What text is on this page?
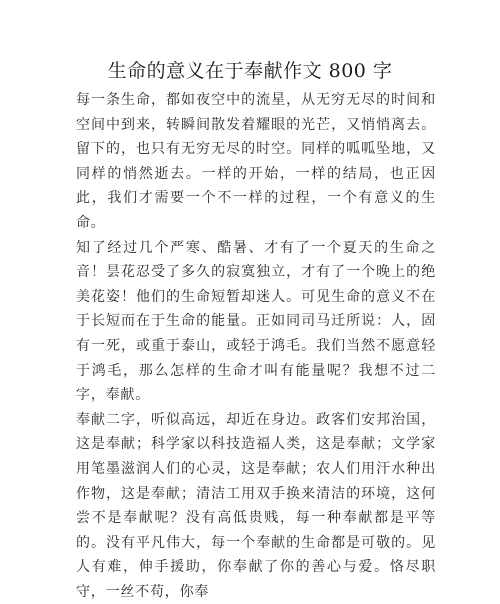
生命的意义在于奉献作文 800 字

每一条生命，都如夜空中的流星，从无穷无尽的时间和空间中到来，转瞬间散发着耀眼的光芒，又悄悄离去。留下的，也只有无穷无尽的时空。同样的呱呱坠地，又同样的悄然逝去。一样的开始，一样的结局，也正因此，我们才需要一个不一样的过程，一个有意义的生命。

知了经过几个严寒、酷暑、才有了一个夏天的生命之音！昙花忍受了多久的寂寞独立，才有了一个晚上的绝美花姿！他们的生命短暂却迷人。可见生命的意义不在于长短而在于生命的能量。正如同司马迁所说：人，固有一死，或重于泰山，或轻于鸿毛。我们当然不愿意轻于鸿毛，那么怎样的生命才叫有能量呢？我想不过二字，奉献。

奉献二字，听似高远，却近在身边。政客们安邦治国，这是奉献；科学家以科技造福人类，这是奉献；文学家用笔墨滋润人们的心灵，这是奉献；农人们用汗水种出作物，这是奉献；清洁工用双手换来清洁的环境，这何尝不是奉献呢？没有高低贵贱，每一种奉献都是平等的。没有平凡伟大，每一个奉献的生命都是可敬的。见人有难，伸手援助，你奉献了你的善心与爱。恪尽职守，一丝不苟，你奉
